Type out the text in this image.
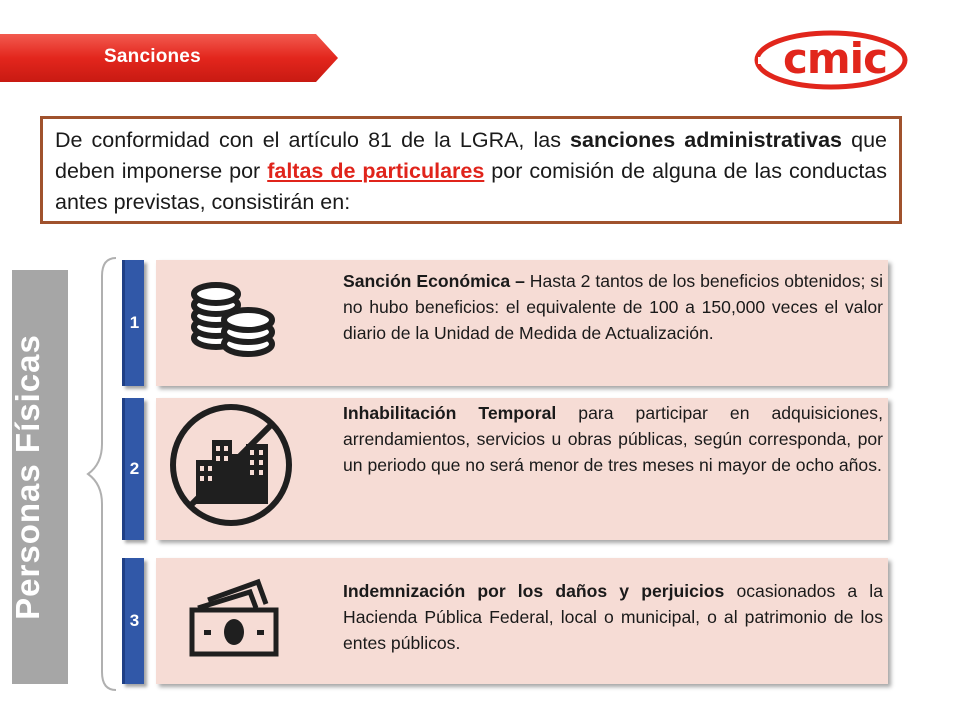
Sanciones	cmic
De conformidad con el artículo 81 de la LGRA, las sanciones administrativas que deben imponerse por faltas de particulares por comisión de alguna de las conductas antes previstas, consistirán en:
Personas Físicas
1
2
3
Sanción Económica – Hasta 2 tantos de los beneficios obtenidos; si no hubo beneficios: el equivalente de 100 a 150,000 veces el valor diario de la Unidad de Medida de Actualización.
Inhabilitación Temporal para participar en adquisiciones, arrendamientos, servicios u obras públicas, según corresponda, por un periodo que no será menor de tres meses ni mayor de ocho años.
Indemnización por los daños y perjuicios ocasionados a la Hacienda Pública Federal, local o municipal, o al patrimonio de los entes públicos.
